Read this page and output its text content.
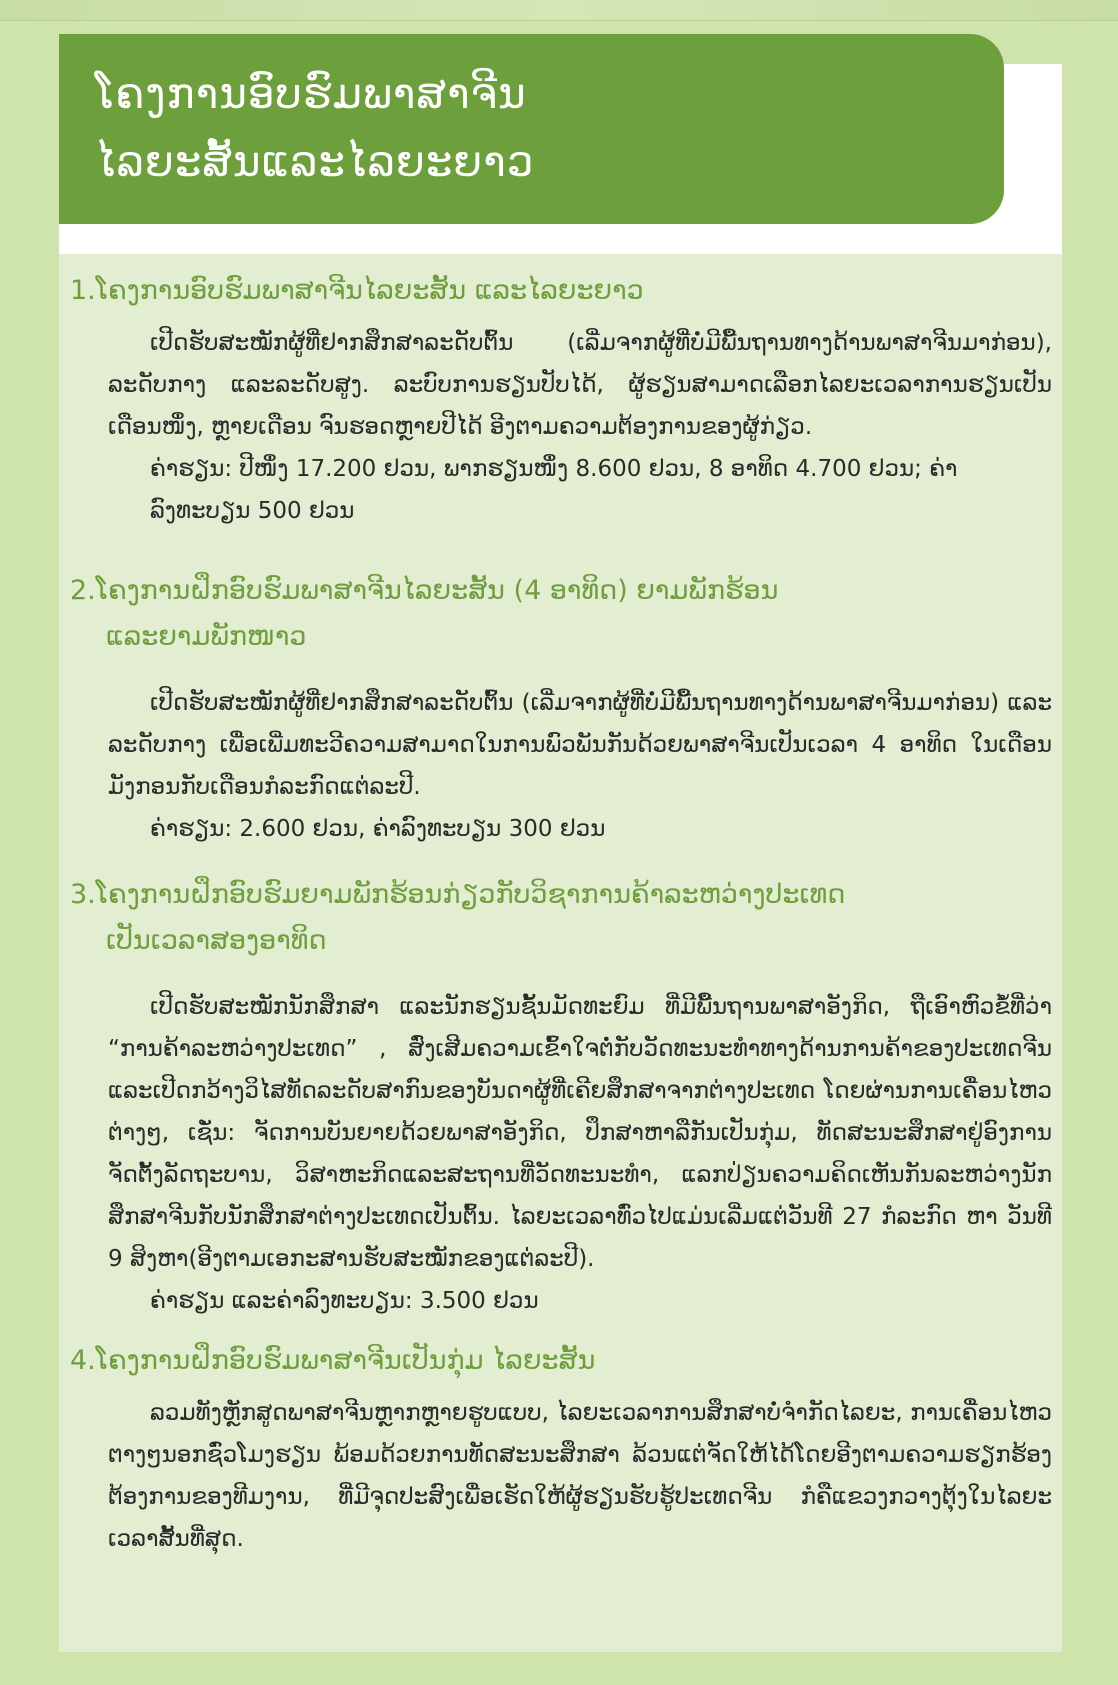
ໂຄງການອົບຮົມພາສາຈີນ
ໄລຍະສັ້ນແລະໄລຍະຍາວ
1.ໂຄງການອົບຮົມພາສາຈີນໄລຍະສັ້ນ ແລະໄລຍະຍາວ

ເປີດຮັບສະໝັກຜູ້ທີ່ຢາກສຶກສາລະດັບຕົ້ນ (ເລີ່ມຈາກຜູ້ທີ່ບໍ່ມີພື້ນຖານທາງດ້ານພາສາຈີນມາກ່ອນ), ລະດັບກາງ ແລະລະດັບສູງ. ລະບົບການຮຽນປັບໄດ້, ຜູ້ຮຽນສາມາດເລືອກໄລຍະເວລາການຮຽນເປັນເດືອນໜຶ່ງ, ຫຼາຍເດືອນ ຈົນຮອດຫຼາຍປີໄດ້ ອີງຕາມຄວາມຕ້ອງການຂອງຜູ້ກ່ຽວ.

ຄ່າຮຽນ: ປີໜຶ່ງ 17.200 ຢວນ, ພາກຮຽນໜຶ່ງ 8.600 ຢວນ, 8 ອາທິດ 4.700 ຢວນ; ຄ່າລົງທະບຽນ 500 ຢວນ

2.ໂຄງການຝຶກອົບຮົມພາສາຈີນໄລຍະສັ້ນ (4 ອາທິດ) ຍາມພັກຮ້ອນ
ແລະຍາມພັກໜາວ

ເປີດຮັບສະໝັກຜູ້ທີ່ຢາກສຶກສາລະດັບຕົ້ນ (ເລີ່ມຈາກຜູ້ທີ່ບໍ່ມີພື້ນຖານທາງດ້ານພາສາຈີນມາກ່ອນ) ແລະລະດັບກາງ ເພື່ອເພີ່ມທະວີຄວາມສາມາດໃນການພົວພັນກັນດ້ວຍພາສາຈີນເປັນເວລາ 4 ອາທິດ ໃນເດືອນມັງກອນກັບເດືອນກໍລະກົດແຕ່ລະປີ.

ຄ່າຮຽນ: 2.600 ຢວນ, ຄ່າລົງທະບຽນ 300 ຢວນ

3.ໂຄງການຝຶກອົບຮົມຍາມພັກຮ້ອນກ່ຽວກັບວິຊາການຄ້າລະຫວ່າງປະເທດ
ເປັນເວລາສອງອາທິດ

ເປີດຮັບສະໝັກນັກສຶກສາ ແລະນັກຮຽນຊັ້ນມັດທະຍົມ ທີ່ມີພື້ນຖານພາສາອັງກິດ, ຖືເອົາຫົວຂໍ້ທີ່ວ່າ “ການຄ້າລະຫວ່າງປະເທດ” , ສົ່ງເສີມຄວາມເຂົ້າໃຈຕໍ່ກັບວັດທະນະທຳທາງດ້ານການຄ້າຂອງປະເທດຈີນ ແລະເປີດກວ້າງວິໄສທັດລະດັບສາກົນຂອງບັນດາຜູ້ທີ່ເຄີຍສຶກສາຈາກຕ່າງປະເທດ ໂດຍຜ່ານການເຄື່ອນໄຫວຕ່າງໆ, ເຊັ່ນ: ຈັດການບັນຍາຍດ້ວຍພາສາອັງກິດ, ປຶກສາຫາລືກັນເປັນກຸ່ມ, ທັດສະນະສຶກສາຢູ່ອົງການຈັດຕັ້ງລັດຖະບານ, ວິສາຫະກິດແລະສະຖານທີ່ວັດທະນະທຳ, ແລກປ່ຽນຄວາມຄິດເຫັນກັນລະຫວ່າງນັກສຶກສາຈີນກັບນັກສຶກສາຕ່າງປະເທດເປັນຕົ້ນ. ໄລຍະເວລາທົ່ວໄປແມ່ນເລີ່ມແຕ່ວັນທີ 27 ກໍລະກົດ ຫາ ວັນທີ 9 ສິງຫາ(ອີງຕາມເອກະສານຮັບສະໝັກຂອງແຕ່ລະປີ).

ຄ່າຮຽນ ແລະຄ່າລົງທະບຽນ: 3.500 ຢວນ

4.ໂຄງການຝຶກອົບຮົມພາສາຈີນເປັນກຸ່ມ ໄລຍະສັ້ນ

ລວມທັງຫຼັກສູດພາສາຈີນຫຼາກຫຼາຍຮູບແບບ, ໄລຍະເວລາການສຶກສາບໍ່ຈຳກັດໄລຍະ, ການເຄື່ອນໄຫວຕາງໆນອກຊົ່ວໂມງຮຽນ ພ້ອມດ້ວຍການທັດສະນະສຶກສາ ລ້ວນແຕ່ຈັດໃຫ້ໄດ້ໂດຍອີງຕາມຄວາມຮຽກຮ້ອງຕ້ອງການຂອງທີມງານ, ທີ່ມີຈຸດປະສົງເພື່ອເຮັດໃຫ້ຜູ້ຮຽນຮັບຮູ້ປະເທດຈີນ ກໍຄືແຂວງກວາງຕຸ້ງໃນໄລຍະເວລາສັ້ນທີ່ສຸດ.
